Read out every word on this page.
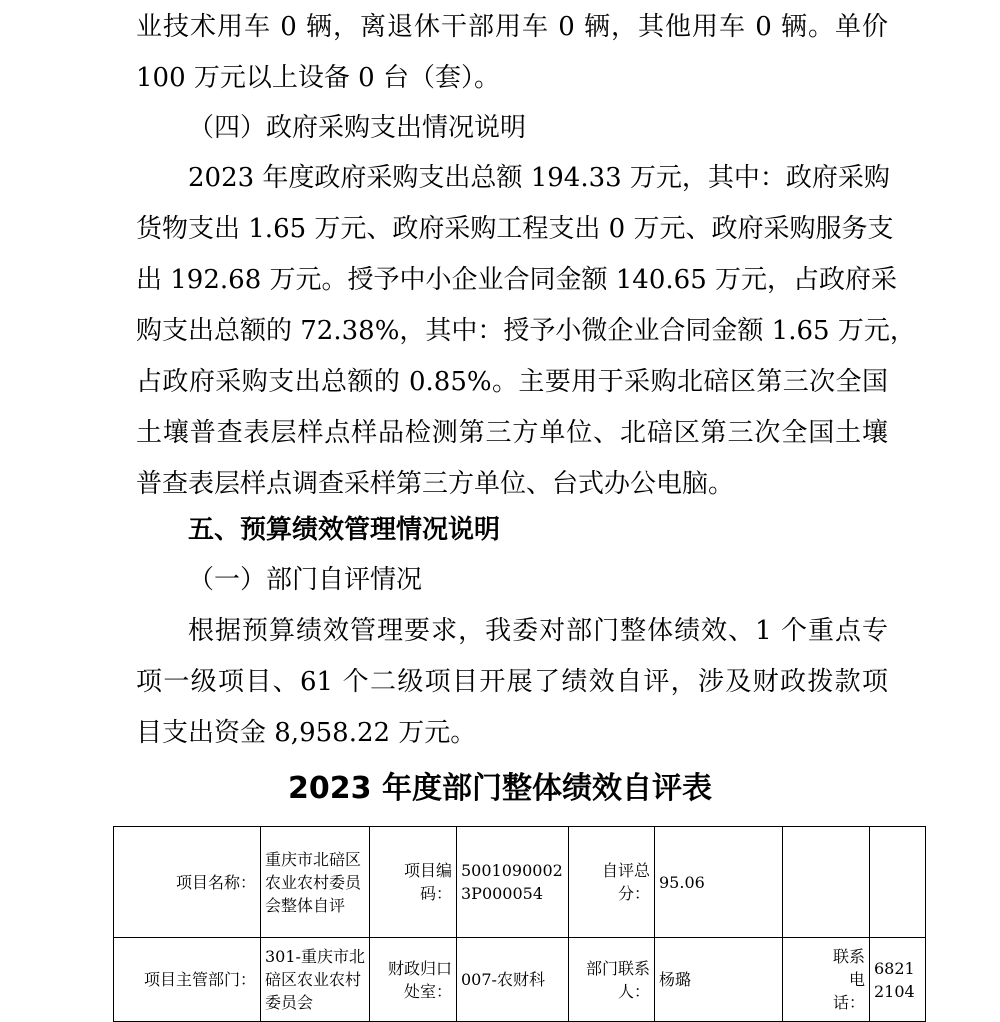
业技术用车 0 辆，离退休干部用车 0 辆，其他用车 0 辆。单价
100 万元以上设备 0 台（套）。

（四）政府采购支出情况说明

2023 年度政府采购支出总额 194.33 万元，其中：政府采购
货物支出 1.65 万元、政府采购工程支出 0 万元、政府采购服务支
出 192.68 万元。授予中小企业合同金额 140.65 万元，占政府采
购支出总额的 72.38%，其中：授予小微企业合同金额 1.65 万元，
占政府采购支出总额的 0.85%。主要用于采购北碚区第三次全国
土壤普查表层样点样品检测第三方单位、北碚区第三次全国土壤
普查表层样点调查采样第三方单位、台式办公电脑。

五、预算绩效管理情况说明

（一）部门自评情况

根据预算绩效管理要求，我委对部门整体绩效、1 个重点专
项一级项目、61 个二级项目开展了绩效自评，涉及财政拨款项
目支出资金 8,958.22 万元。

2023 年度部门整体绩效自评表

项目名称：	重庆市北碚区农业农村委员会整体自评	项目编码：	50010900023P000054	自评总分：	95.06		
项目主管部门：	301-重庆市北碚区农业农村委员会	财政归口处室：	007-农财科	部门联系人：	杨璐	联系电话：	68212104
